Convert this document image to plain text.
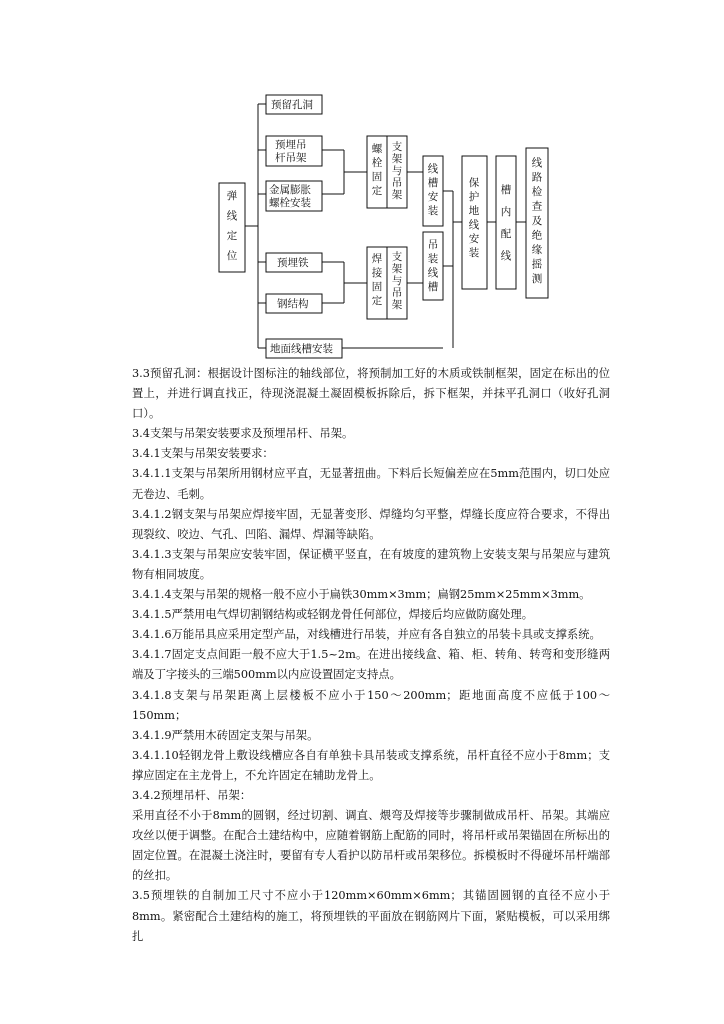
弹线定位
预留孔洞
预埋吊
杆吊架
金属膨胀
螺栓安装
预埋铁
钢结构
地面线槽安装
螺栓固定
支架与吊架
焊接固定
支架与吊架
线槽安装
吊装线槽
保护地线安装
槽内配线
线路检查及绝缘摇测

3.3预留孔洞：根据设计图标注的轴线部位，将预制加工好的木质或铁制框架，固定在标出的位置上，并进行调直找正，待现浇混凝土凝固模板拆除后，拆下框架，并抹平孔洞口（收好孔洞口）。

3.4支架与吊架安装要求及预埋吊杆、吊架。

3.4.1支架与吊架安装要求：

3.4.1.1支架与吊架所用钢材应平直，无显著扭曲。下料后长短偏差应在5mm范围内，切口处应无卷边、毛刺。

3.4.1.2钢支架与吊架应焊接牢固，无显著变形、焊缝均匀平整，焊缝长度应符合要求，不得出现裂纹、咬边、气孔、凹陷、漏焊、焊漏等缺陷。

3.4.1.3支架与吊架应安装牢固，保证横平竖直，在有坡度的建筑物上安装支架与吊架应与建筑物有相同坡度。

3.4.1.4支架与吊架的规格一般不应小于扁铁30mm×3mm；扁钢25mm×25mm×3mm。

3.4.1.5严禁用电气焊切割钢结构或轻钢龙骨任何部位，焊接后均应做防腐处理。

3.4.1.6万能吊具应采用定型产品，对线槽进行吊装，并应有各自独立的吊装卡具或支撑系统。

3.4.1.7固定支点间距一般不应大于1.5~2m。在进出接线盒、箱、柜、转角、转弯和变形缝两端及丁字接头的三端500mm以内应设置固定支持点。

3.4.1.8支架与吊架距离上层楼板不应小于150～200mm；距地面高度不应低于100～150mm；

3.4.1.9严禁用木砖固定支架与吊架。

3.4.1.10轻钢龙骨上敷设线槽应各自有单独卡具吊装或支撑系统，吊杆直径不应小于8mm；支撑应固定在主龙骨上，不允许固定在辅助龙骨上。

3.4.2预埋吊杆、吊架：

采用直径不小于8mm的圆钢，经过切割、调直、煨弯及焊接等步骤制做成吊杆、吊架。其端应攻丝以便于调整。在配合土建结构中，应随着钢筋上配筋的同时，将吊杆或吊架锚固在所标出的固定位置。在混凝土浇注时，要留有专人看护以防吊杆或吊架移位。拆模板时不得碰坏吊杆端部的丝扣。

3.5预埋铁的自制加工尺寸不应小于120mm×60mm×6mm；其锚固圆钢的直径不应小于8mm。紧密配合土建结构的施工，将预埋铁的平面放在钢筋网片下面，紧贴模板，可以采用绑扎
